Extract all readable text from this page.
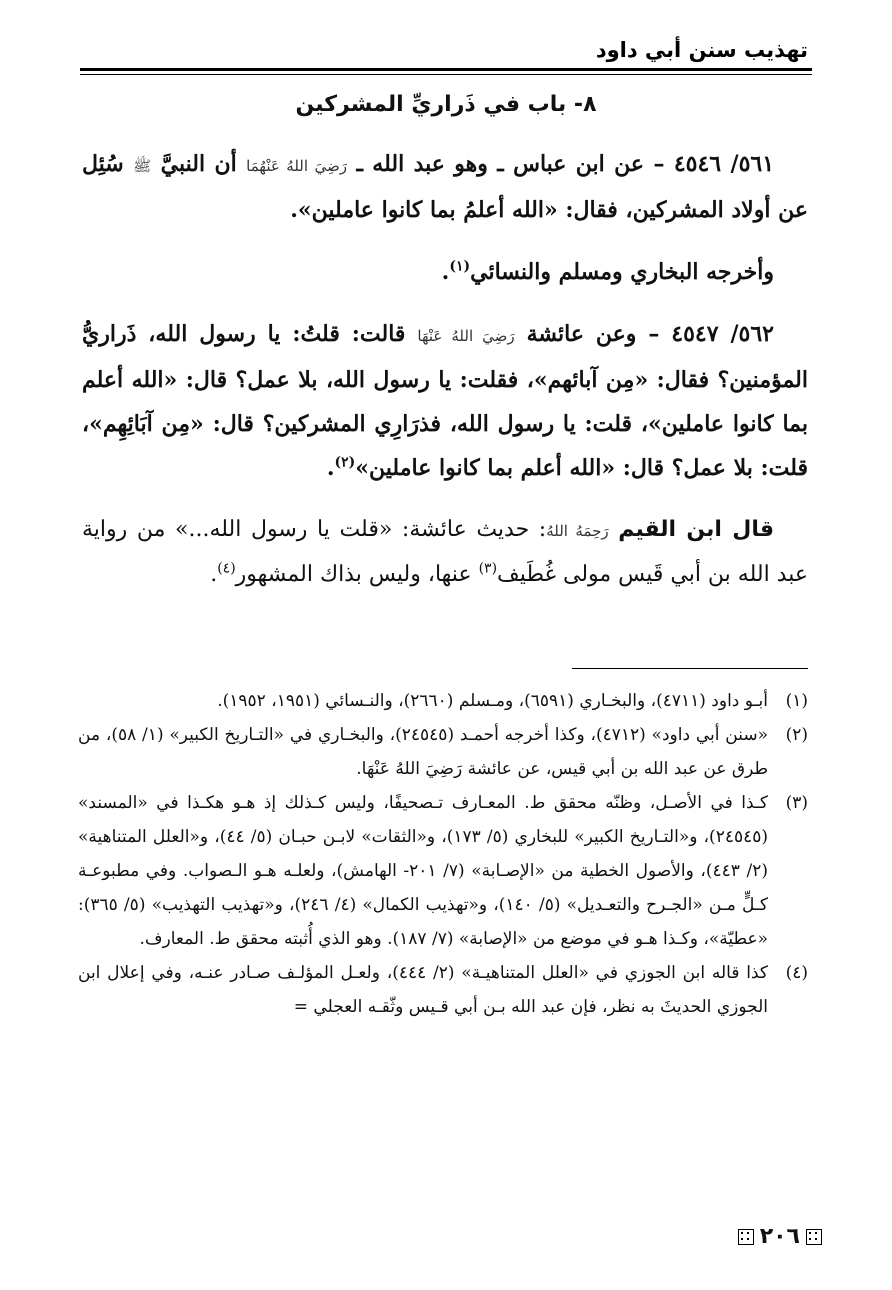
تهذيب سنن أبي داود
٨- باب في ذَراريِّ المشركين

٥٦١/ ٤٥٤٦ – عن ابن عباس ـ وهو عبد الله ـ رَضِيَ اللهُ عَنْهُمَا أن النبيَّ ﷺ سُئِل عن أولاد المشركين، فقال: «الله أعلمُ بما كانوا عاملين».

وأخرجه البخاري ومسلم والنسائي$^{(١)}$.

٥٦٢/ ٤٥٤٧ – وعن عائشة رَضِيَ اللهُ عَنْهَا قالت: قلتُ: يا رسول الله، ذَراريُّ المؤمنين؟ فقال: «مِن آبائهم»، فقلت: يا رسول الله، بلا عمل؟ قال: «الله أعلم بما كانوا عاملين»، قلت: يا رسول الله، فذرَارِي المشركين؟ قال: «مِن آبَائِهِم»، قلت: بلا عمل؟ قال: «الله أعلم بما كانوا عاملين»$^{(٢)}$.

قال ابن القيم رَحِمَهُ اللهُ: حديث عائشة: «قلت يا رسول الله...» من رواية عبد الله بن أبي قَيس مولى غُطَيف$^{(٣)}$ عنها، وليس بذاك المشهور$^{(٤)}$.

(١)
أبـو داود (٤٧١١)، والبخـاري (٦٥٩١)، ومـسلم (٢٦٦٠)، والنـسائي (١٩٥١، ١٩٥٢).
(٢)
«سنن أبي داود» (٤٧١٢)، وكذا أخرجه أحمـد (٢٤٥٤٥)، والبخـاري في «التـاريخ الكبير» (١/ ٥٨)، من طرق عن عبد الله بن أبي قيس، عن عائشة رَضِيَ اللهُ عَنْهَا.
(٣)
كـذا في الأصـل، وظنّه محقق ط. المعـارف تـصحيفًا، وليس كـذلك إذ هـو هكـذا في «المسند» (٢٤٥٤٥)، و«التـاريخ الكبير» للبخاري (٥/ ١٧٣)، و«الثقات» لابـن حبـان (٥/ ٤٤)، و«العلل المتناهية» (٢/ ٤٤٣)، والأصول الخطية من «الإصـابة» (٧/ ٢٠١- الهامش)، ولعلـه هـو الـصواب. وفي مطبوعـة كـلٍّ مـن «الجـرح والتعـديل» (٥/ ١٤٠)، و«تهذيب الكمال» (٤/ ٢٤٦)، و«تهذيب التهذيب» (٥/ ٣٦٥): «عطيّة»، وكـذا هـو في موضع من «الإصابة» (٧/ ١٨٧). وهو الذي أُثبته محقق ط. المعارف.
(٤)
كذا قاله ابن الجوزي في «العلل المتناهيـة» (٢/ ٤٤٤)، ولعـل المؤلـف صـادر عنـه، وفي إعلال ابن الجوزي الحديثَ به نظر، فإن عبد الله بـن أبي قـيس وثّقـه العجلي =
٢٠٦
